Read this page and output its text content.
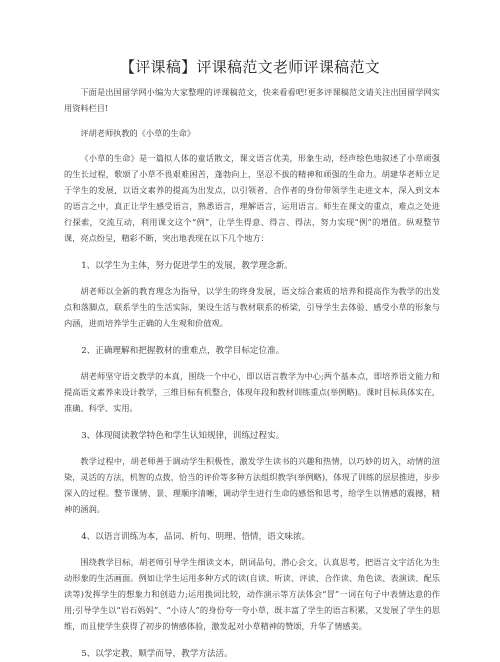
【评课稿】评课稿范文老师评课稿范文

下面是出国留学网小编为大家整理的评课稿范文，快来看看吧!更多评课稿范文请关注出国留学网实用资料栏目!

评胡老师执教的《小草的生命》

《小草的生命》是一篇拟人体的童话散文，课文语言优美，形象生动，经声绘色地叙述了小草顽强的生长过程，歌颂了小草不畏艰难困苦，蓬勃向上，坚忍不拔的精神和顽强的生命力。胡建华老师立足于学生的发展，以语文素养的提高为出发点，以引领者、合作者的身份带领学生走进文本，深入到文本的语言之中，真正让学生感受语言，熟悉语言，理解语言，运用语言。师生在课文的重点，难点之处进行探索，交流互动，利用课文这个“例”，让学生得意、得言、得法，努力实现“例”的增值。纵观整节课，亮点纷呈，精彩不断，突出地表现在以下几个地方：

1、以学生为主体，努力促进学生的发展，教学理念新。

胡老师以全新的教育理念为指导，以学生的终身发展，语文综合素质的培养和提高作为教学的出发点和落脚点，联系学生的生活实际，架设生活与教材联系的桥梁，引导学生去体验、感受小草的形象与内涵，进而培养学生正确的人生观和价值观。

2、正确理解和把握教材的重难点，教学目标定位准。

胡老师坚守语文教学的本真，围绕一个中心，即以语言教学为中心;两个基本点，即培养语文能力和提高语文素养来设计教学，三维目标有机整合，体现年段和教材训练重点(举例略)。课时目标具体实在，准确、科学、实用。

3、体现阅读教学特色和学生认知规律，训练过程实。

教学过程中，胡老师善于调动学生积极性，激发学生读书的兴趣和热情，以巧妙的切入，动情的渲染，灵活的方法，机智的点拨，恰当的评价等多种方法组织教学(举例略)，体现了训练的层层推进，步步深入的过程。整节课情、景、理顺序清晰，调动学生进行生命的感悟和思考，给学生以情感的震撼，精神的涵润。

4、以语言训练为本，品词、析句、明理、悟情，语文味浓。

围绕教学目标，胡老师引导学生细读文本，朗词品句，潜心会文，认真思考，把语言文字活化为生动形象的生活画面。例如让学生运用多种方式的读(自读、听读、评读、合作读、角色读、表演读、配乐读等)发挥学生的想象力和创造力;运用换词比较，动作演示等方法体会“冒”一词在句子中表情达意的作用;引导学生以“岩石妈妈”、“小诗人”的身份夸一夸小草，既丰富了学生的语言积累，又发展了学生的思维，而且使学生获得了初步的情感体验，激发起对小草精神的赞颂，升华了情感美。

5、以学定教，顺学而导，教学方法活。
